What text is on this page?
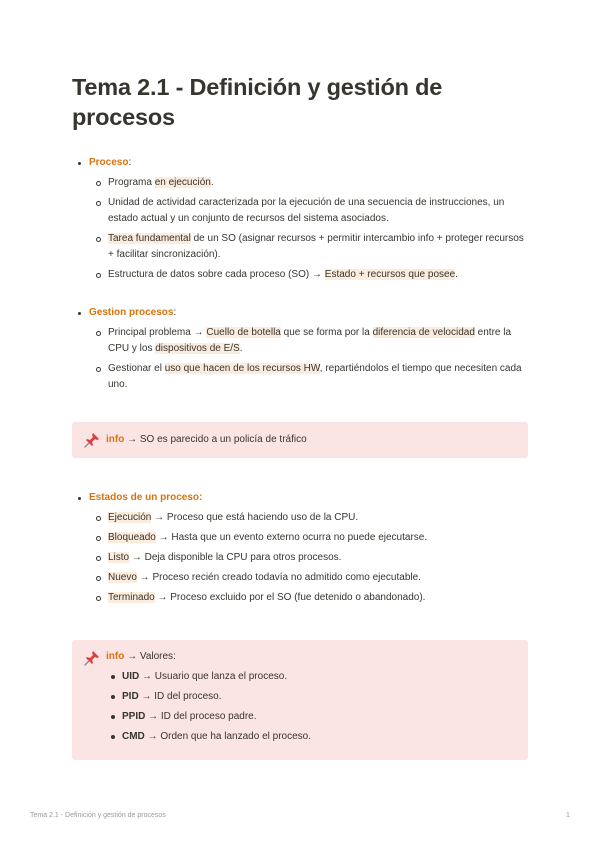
Tema 2.1 - Definición y gestión de procesos
Proceso:
Programa en ejecución.
Unidad de actividad caracterizada por la ejecución de una secuencia de instrucciones, un estado actual y un conjunto de recursos del sistema asociados.
Tarea fundamental de un SO (asignar recursos + permitir intercambio info + proteger recursos + facilitar sincronización).
Estructura de datos sobre cada proceso (SO) → Estado + recursos que posee.
Gestion procesos:
Principal problema → Cuello de botella que se forma por la diferencia de velocidad entre la CPU y los dispositivos de E/S.
Gestionar el uso que hacen de los recursos HW, repartiéndolos el tiempo que necesiten cada uno.
info → SO es parecido a un policía de tráfico
Estados de un proceso:
Ejecución → Proceso que está haciendo uso de la CPU.
Bloqueado → Hasta que un evento externo ocurra no puede ejecutarse.
Listo → Deja disponible la CPU para otros procesos.
Nuevo → Proceso recién creado todavía no admitido como ejecutable.
Terminado → Proceso excluido por el SO (fue detenido o abandonado).
info → Valores:
UID → Usuario que lanza el proceso.
PID → ID del proceso.
PPID → ID del proceso padre.
CMD → Orden que ha lanzado el proceso.
Tema 2.1 - Definición y gestión de procesos	1
